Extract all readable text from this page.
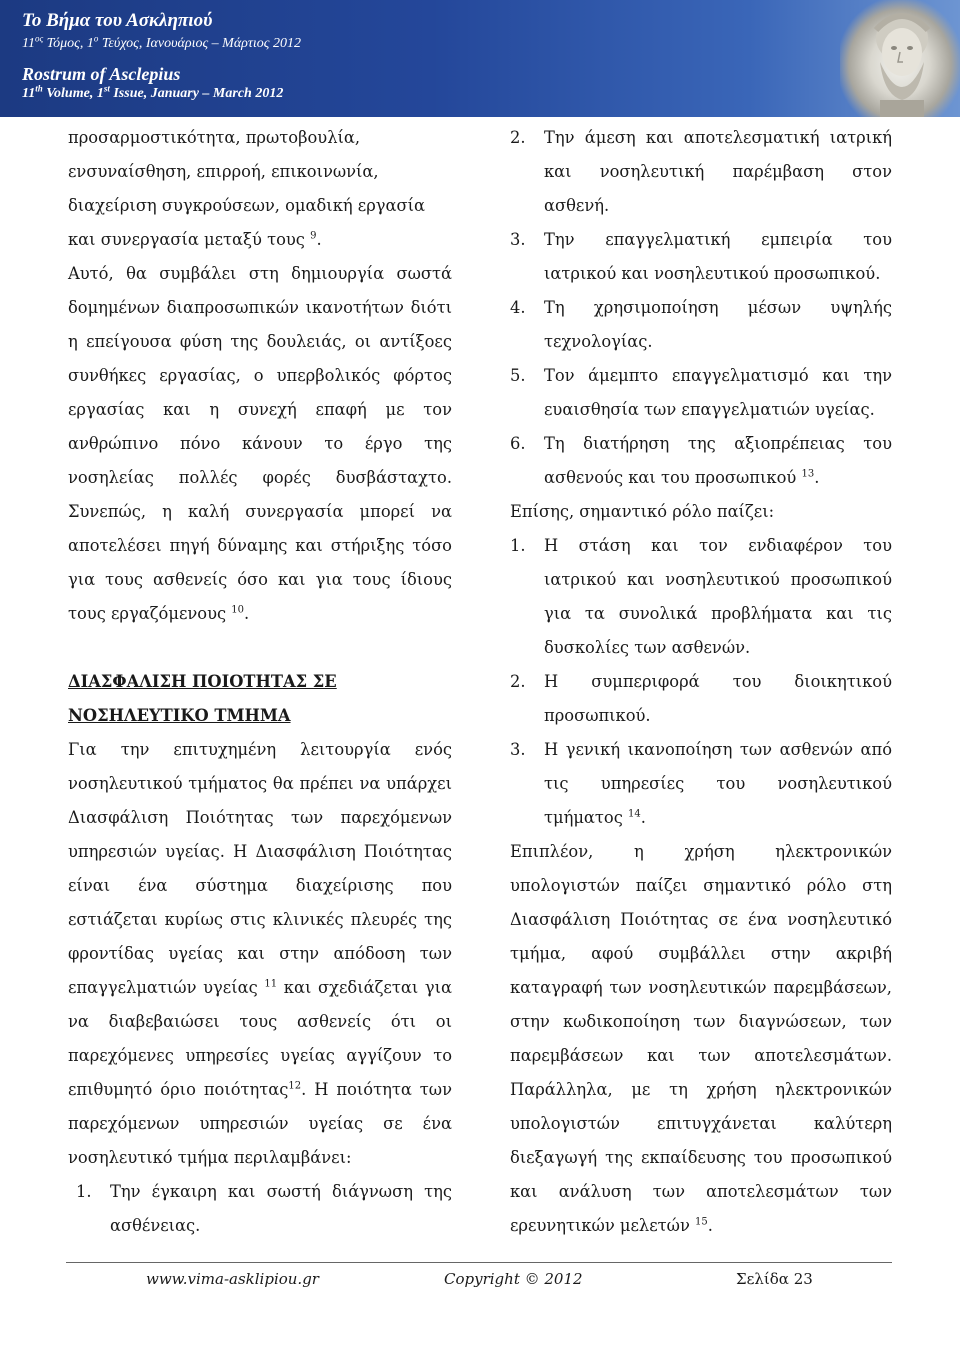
Το Βήμα του Ασκληπιού
$11^{o\varsigma}$ Τόμος, $1^o$ Τεύχος, Ιανουάριος – Μάρτιος 2012
Rostrum of Asclepius
11th Volume, 1st Issue, January – March 2012

προσαρμοστικότητα, πρωτοβουλία,

ενσυναίσθηση, επιρροή, επικοινωνία,

διαχείριση συγκρούσεων, ομαδική εργασία

και συνεργασία μεταξύ τους $^9$.

Αυτό, θα συμβάλει στη δημιουργία σωστά δομημένων διαπροσωπικών ικανοτήτων διότι η επείγουσα φύση της δουλειάς, οι αντίξοες συνθήκες εργασίας, ο υπερβολικός φόρτος εργασίας και η συνεχή επαφή με τον ανθρώπινο πόνο κάνουν το έργο της νοσηλείας πολλές φορές δυσβάσταχτο. Συνεπώς, η καλή συνεργασία μπορεί να αποτελέσει πηγή δύναμης και στήριξης τόσο για τους ασθενείς όσο και για τους ίδιους τους εργαζόμενους $^{10}$.

ΔΙΑΣΦΑΛΙΣΗ ΠΟΙΟΤΗΤΑΣ ΣΕ

ΝΟΣΗΛΕΥΤΙΚΟ ΤΜΗΜΑ

Για την επιτυχημένη λειτουργία ενός νοσηλευτικού τμήματος θα πρέπει να υπάρχει Διασφάλιση Ποιότητας των παρεχόμενων υπηρεσιών υγείας. Η Διασφάλιση Ποιότητας είναι ένα σύστημα διαχείρισης που εστιάζεται κυρίως στις κλινικές πλευρές της φροντίδας υγείας και στην απόδοση των επαγγελματιών υγείας $^{11}$ και σχεδιάζεται για να διαβεβαιώσει τους ασθενείς ότι οι παρεχόμενες υπηρεσίες υγείας αγγίζουν το επιθυμητό όριο ποιότητας$^{12}$. Η ποιότητα των παρεχόμενων υπηρεσιών υγείας σε ένα νοσηλευτικό τμήμα περιλαμβάνει:

1.	Την έγκαιρη και σωστή διάγνωση της ασθένειας.
2.	Την άμεση και αποτελεσματική ιατρική και νοσηλευτική παρέμβαση στον ασθενή.
3.	Την επαγγελματική εμπειρία του ιατρικού και νοσηλευτικού προσωπικού.
4.	Τη χρησιμοποίηση μέσων υψηλής τεχνολογίας.
5.	Τον άμεμπτο επαγγελματισμό και την ευαισθησία των επαγγελματιών υγείας.
6.	Τη διατήρηση της αξιοπρέπειας του ασθενούς και του προσωπικού $^{13}$.

Επίσης, σημαντικό ρόλο παίζει:

1.	Η στάση και τον ενδιαφέρον του ιατρικού και νοσηλευτικού προσωπικού για τα συνολικά προβλήματα και τις δυσκολίες των ασθενών.
2.	Η συμπεριφορά του διοικητικού προσωπικού.
3.	Η γενική ικανοποίηση των ασθενών από τις υπηρεσίες του νοσηλευτικού τμήματος $^{14}$.

Επιπλέον, η χρήση ηλεκτρονικών υπολογιστών παίζει σημαντικό ρόλο στη Διασφάλιση Ποιότητας σε ένα νοσηλευτικό τμήμα, αφού συμβάλλει στην ακριβή καταγραφή των νοσηλευτικών παρεμβάσεων, στην κωδικοποίηση των διαγνώσεων, των παρεμβάσεων και των αποτελεσμάτων. Παράλληλα, με τη χρήση ηλεκτρονικών υπολογιστών επιτυγχάνεται καλύτερη διεξαγωγή της εκπαίδευσης του προσωπικού και ανάλυση των αποτελεσμάτων των ερευνητικών μελετών $^{15}$.

www.vima-asklipiou.gr	Copyright © 2012	Σελίδα 23
